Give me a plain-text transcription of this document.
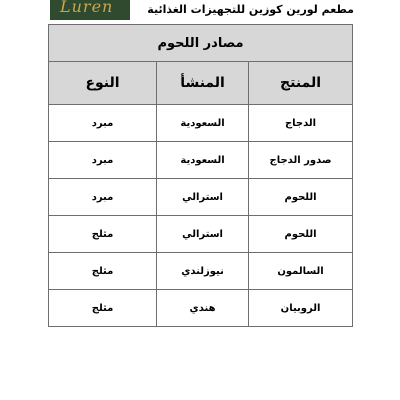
Luren	مطعم لورين كوزين للتجهيزات الغذائية
مصادر اللحوم		
المنتج	المنشأ	النوع
الدجاج	السعودية	مبرد
صدور الدجاج	السعودية	مبرد
اللحوم	استرالي	مبرد
اللحوم	استرالي	مثلج
السالمون	نيوزلندي	مثلج
الروبيان	هندي	مثلج
